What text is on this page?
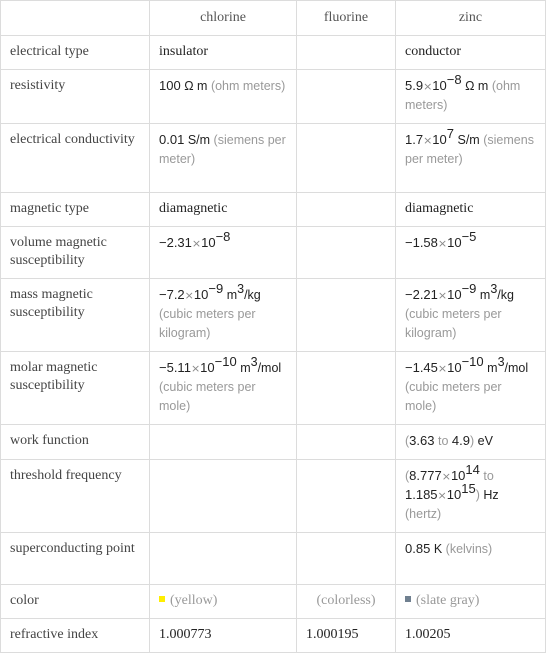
	chlorine	fluorine	zinc
electrical type	insulator		conductor
resistivity	100 Ω m (ohm meters)		$5.9\times 10^{-8}$ Ω m (ohm meters)
electrical conductivity	0.01 S/m (siemens per meter)		$1.7\times 10^7$ S/m (siemens per meter)
magnetic type	diamagnetic		diamagnetic
volume magnetic susceptibility	$-2.31\times 10^{-8}$		$-1.58\times 10^{-5}$
mass magnetic susceptibility	$-7.2\times 10^{-9}$ $m^3/kg$ (cubic meters per kilogram)		$-2.21\times 10^{-9}$ $m^3/kg$ (cubic meters per kilogram)
molar magnetic susceptibility	$-5.11\times 10^{-10}$ $m^3$/mol (cubic meters per mole)		$-1.45\times 10^{-10}$ $m^3$/mol (cubic meters per mole)
work function			(3.63 to 4.9) eV
threshold frequency			($8.777\times 10^{14}$ to $1.185\times 10^{15}$) Hz (hertz)
superconducting point			0.85 K (kelvins)
color	(yellow)	(colorless)	(slate gray)
refractive index	1.000773	1.000195	1.00205
